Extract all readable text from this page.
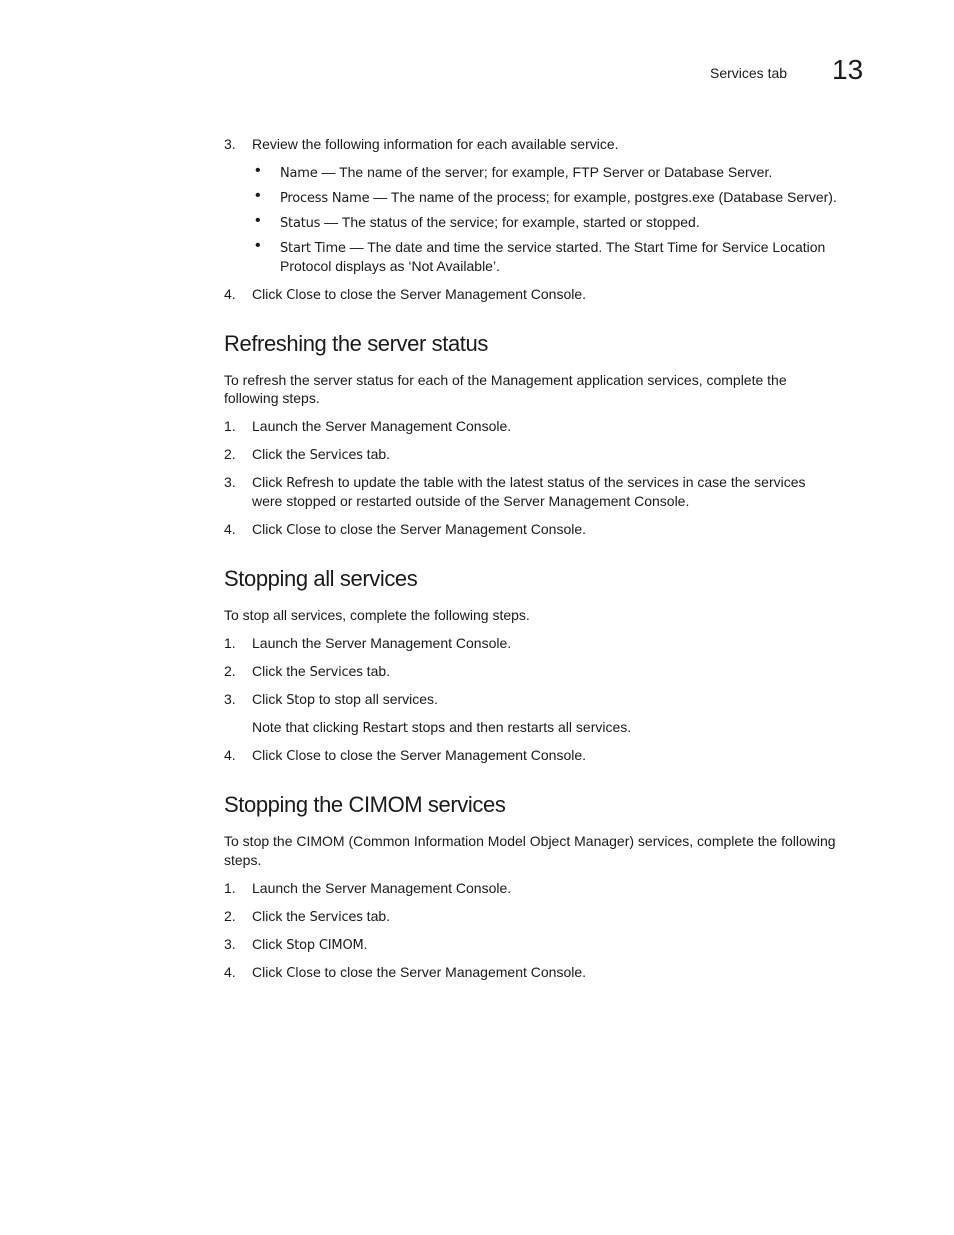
Services tab 13
3. Review the following information for each available service.
• Name — The name of the server; for example, FTP Server or Database Server.
• Process Name — The name of the process; for example, postgres.exe (Database Server).
• Status — The status of the service; for example, started or stopped.
• Start Time — The date and time the service started. The Start Time for Service Location
Protocol displays as ‘Not Available’.
4. Click Close to close the Server Management Console.
Refreshing the server status
To refresh the server status for each of the Management application services, complete the
following steps.
1. Launch the Server Management Console.
2. Click the Services tab.
3. Click Refresh to update the table with the latest status of the services in case the services
were stopped or restarted outside of the Server Management Console.
4. Click Close to close the Server Management Console.
Stopping all services
To stop all services, complete the following steps.
1. Launch the Server Management Console.
2. Click the Services tab.
3. Click Stop to stop all services.
Note that clicking Restart stops and then restarts all services.
4. Click Close to close the Server Management Console.
Stopping the CIMOM services
To stop the CIMOM (Common Information Model Object Manager) services, complete the following
steps.
1. Launch the Server Management Console.
2. Click the Services tab.
3. Click Stop CIMOM.
4. Click Close to close the Server Management Console.
